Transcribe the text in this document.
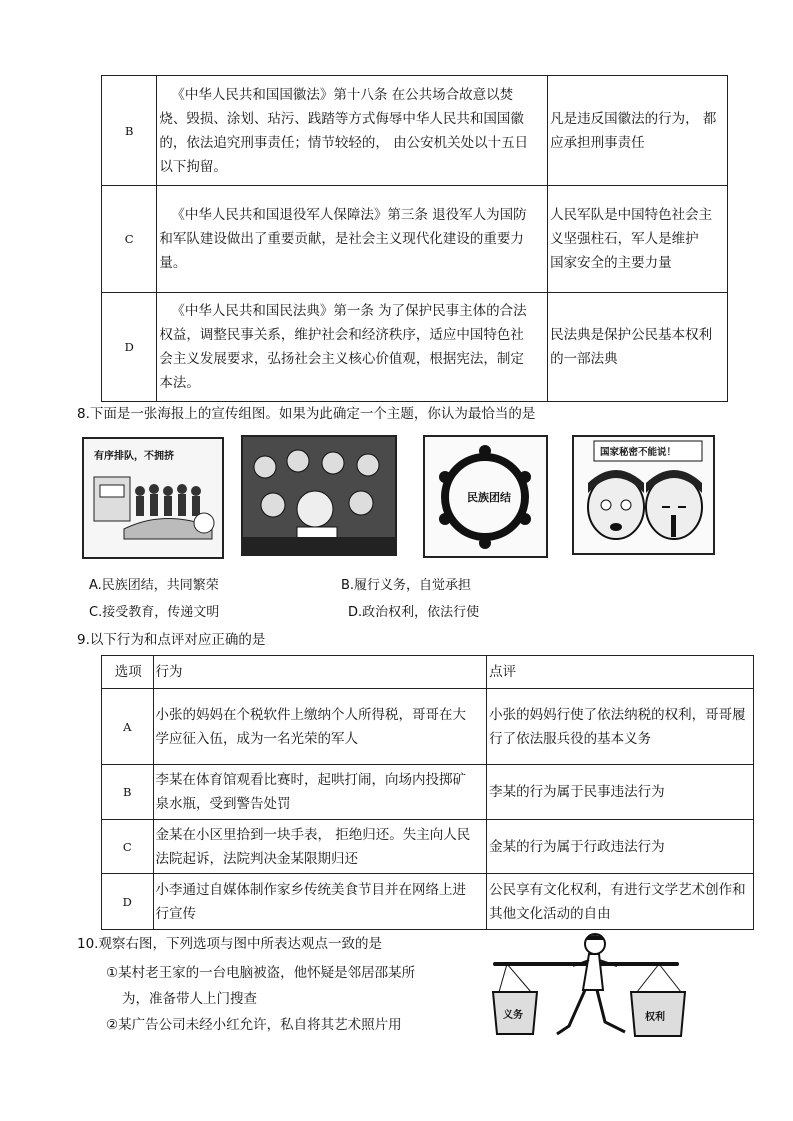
B	《中华人民共和国国徽法》第十八条 在公共场合故意以焚
烧、毁损、涂划、玷污、践踏等方式侮辱中华人民共和国国徽
的，依法追究刑事责任；情节较轻的， 由公安机关处以十五日
以下拘留。	凡是违反国徽法的行为， 都
应承担刑事责任

C	《中华人民共和国退役军人保障法》第三条 退役军人为国防
和军队建设做出了重要贡献，是社会主义现代化建设的重要力
量。	人民军队是中国特色社会主
义坚强柱石，军人是维护
国家安全的主要力量

D	《中华人民共和国民法典》第一条 为了保护民事主体的合法
权益，调整民事关系，维护社会和经济秩序，适应中国特色社
会主义发展要求，弘扬社会主义核心价值观，根据宪法，制定
本法。	民法典是保护公民基本权利
的一部法典
8.下面是一张海报上的宣传组图。如果为此确定一个主题，你认为最恰当的是
有序排队，不拥挤
民族团结
国家秘密不能说！
A.民族团结，共同繁荣	B.履行义务，自觉承担
C.接受教育，传递文明	D.政治权利，依法行使
9.以下行为和点评对应正确的是
选项	行为	点评
A	小张的妈妈在个税软件上缴纳个人所得税，哥哥在大
学应征入伍，成为一名光荣的军人	小张的妈妈行使了依法纳税的权利，哥哥履
行了依法服兵役的基本义务

B	李某在体育馆观看比赛时，起哄打闹，向场内投掷矿
泉水瓶，受到警告处罚	李某的行为属于民事违法行为

C	金某在小区里拾到一块手表， 拒绝归还。失主向人民
法院起诉，法院判决金某限期归还	金某的行为属于行政违法行为

D	小李通过自媒体制作家乡传统美食节目并在网络上进
行宣传	公民享有文化权利，有进行文学艺术创作和
其他文化活动的自由
10.观察右图，下列选项与图中所表达观点一致的是
①某村老王家的一台电脑被盗，他怀疑是邻居邵某所
为，准备带人上门搜查
②某广告公司未经小红允许，私自将其艺术照片用
义务	权利
